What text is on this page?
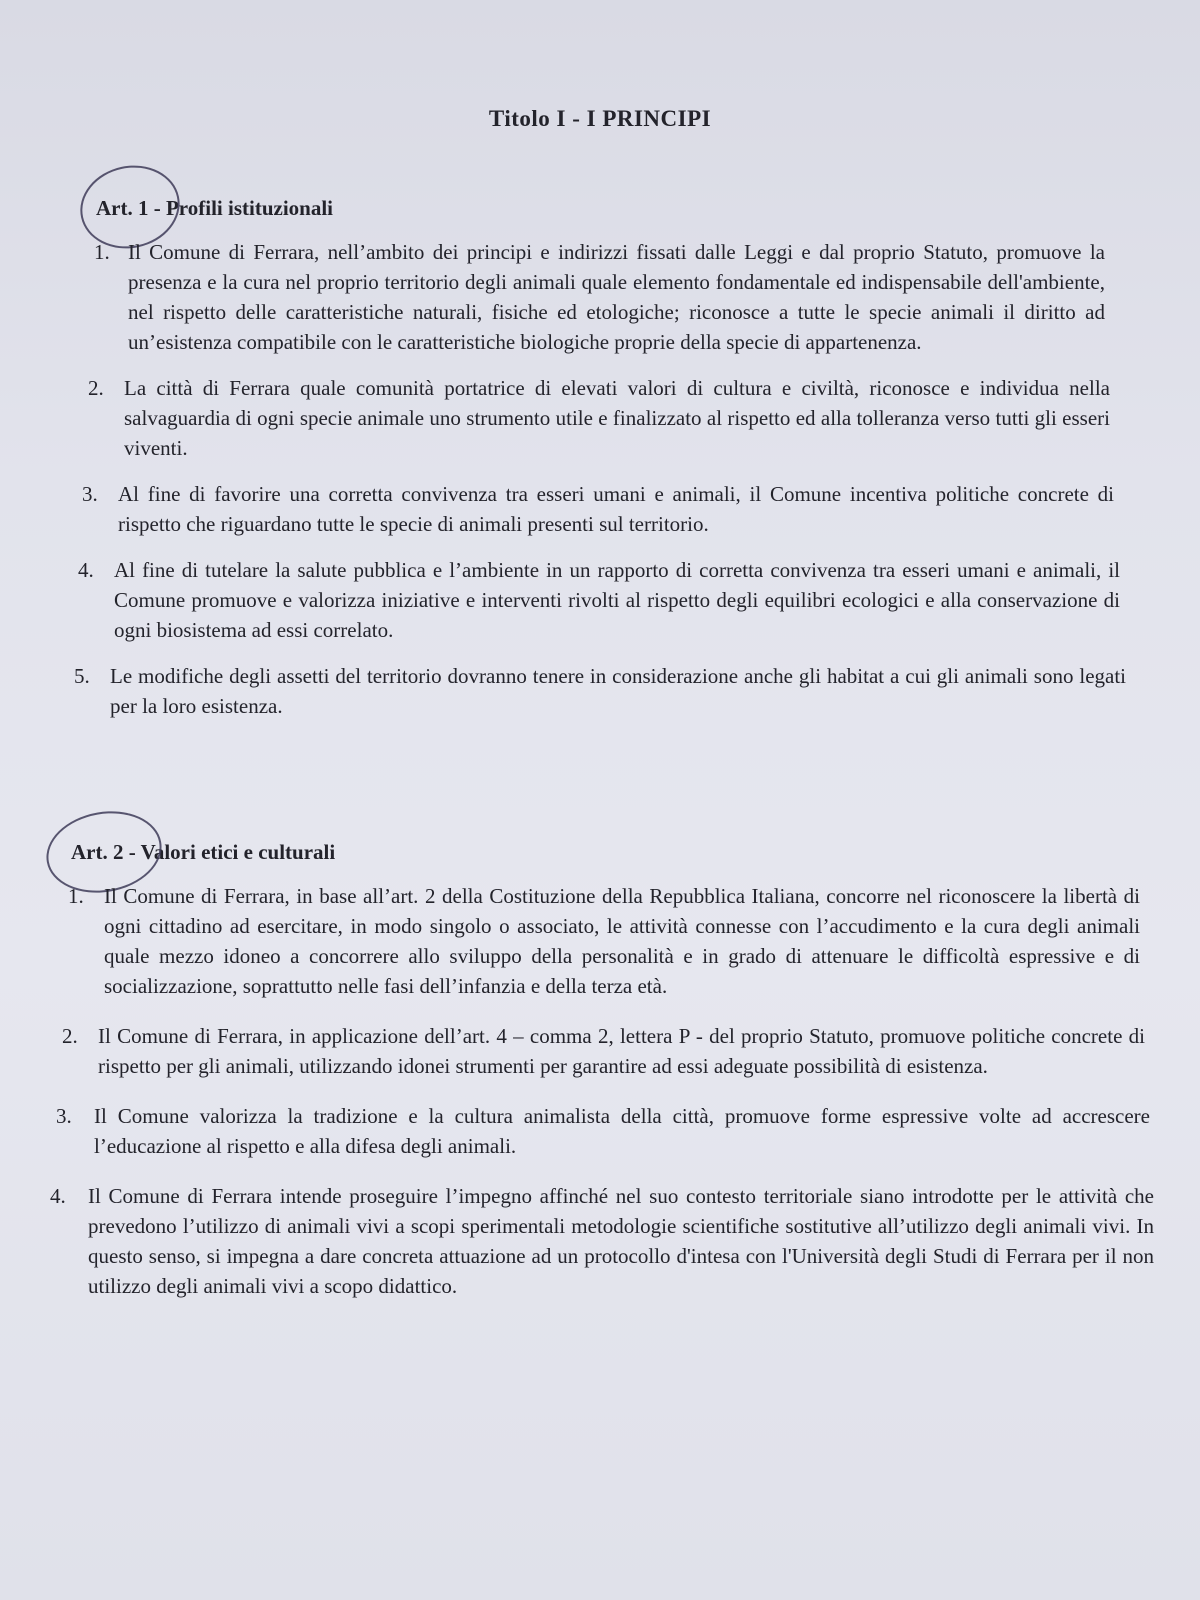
Titolo I - I PRINCIPI
Art. 1 - Profili istituzionali
1. Il Comune di Ferrara, nell’ambito dei principi e indirizzi fissati dalle Leggi e dal proprio Statuto, promuove la presenza e la cura nel proprio territorio degli animali quale elemento fondamentale ed indispensabile dell'ambiente, nel rispetto delle caratteristiche naturali, fisiche ed etologiche; riconosce a tutte le specie animali il diritto ad un’esistenza compatibile con le caratteristiche biologiche proprie della specie di appartenenza.
2. La città di Ferrara quale comunità portatrice di elevati valori di cultura e civiltà, riconosce e individua nella salvaguardia di ogni specie animale uno strumento utile e finalizzato al rispetto ed alla tolleranza verso tutti gli esseri viventi.
3. Al fine di favorire una corretta convivenza tra esseri umani e animali, il Comune incentiva politiche concrete di rispetto che riguardano tutte le specie di animali presenti sul territorio.
4. Al fine di tutelare la salute pubblica e l’ambiente in un rapporto di corretta convivenza tra esseri umani e animali, il Comune promuove e valorizza iniziative e interventi rivolti al rispetto degli equilibri ecologici e alla conservazione di ogni biosistema ad essi correlato.
5. Le modifiche degli assetti del territorio dovranno tenere in considerazione anche gli habitat a cui gli animali sono legati per la loro esistenza.
Art. 2 - Valori etici e culturali
1. Il Comune di Ferrara, in base all’art. 2 della Costituzione della Repubblica Italiana, concorre nel riconoscere la libertà di ogni cittadino ad esercitare, in modo singolo o associato, le attività connesse con l’accudimento e la cura degli animali quale mezzo idoneo a concorrere allo sviluppo della personalità e in grado di attenuare le difficoltà espressive e di socializzazione, soprattutto nelle fasi dell’infanzia e della terza età.
2. Il Comune di Ferrara, in applicazione dell’art. 4 – comma 2, lettera P - del proprio Statuto, promuove politiche concrete di rispetto per gli animali, utilizzando idonei strumenti per garantire ad essi adeguate possibilità di esistenza.
3. Il Comune valorizza la tradizione e la cultura animalista della città, promuove forme espressive volte ad accrescere l’educazione al rispetto e alla difesa degli animali.
4. Il Comune di Ferrara intende proseguire l’impegno affinché nel suo contesto territoriale siano introdotte per le attività che prevedono l’utilizzo di animali vivi a scopi sperimentali metodologie scientifiche sostitutive all’utilizzo degli animali vivi. In questo senso, si impegna a dare concreta attuazione ad un protocollo d'intesa con l'Università degli Studi di Ferrara per il non utilizzo degli animali vivi a scopo didattico.
